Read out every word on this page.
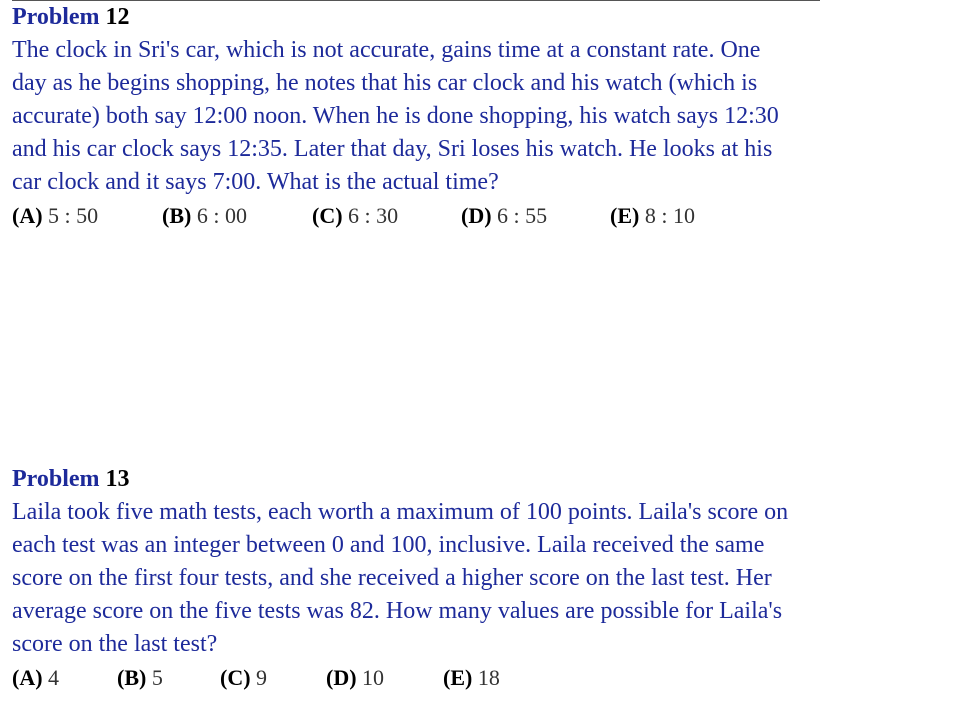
Problem 12
The clock in Sri's car, which is not accurate, gains time at a constant rate. One
day as he begins shopping, he notes that his car clock and his watch (which is
accurate) both say 12:00 noon. When he is done shopping, his watch says 12:30
and his car clock says 12:35. Later that day, Sri loses his watch. He looks at his
car clock and it says 7:00. What is the actual time?
(A) 5 : 50	(B) 6 : 00	(C) 6 : 30	(D) 6 : 55	(E) 8 : 10
Problem 13
Laila took five math tests, each worth a maximum of 100 points. Laila's score on
each test was an integer between 0 and 100, inclusive. Laila received the same
score on the first four tests, and she received a higher score on the last test. Her
average score on the five tests was 82. How many values are possible for Laila's
score on the last test?
(A) 4	(B) 5	(C) 9	(D) 10	(E) 18
